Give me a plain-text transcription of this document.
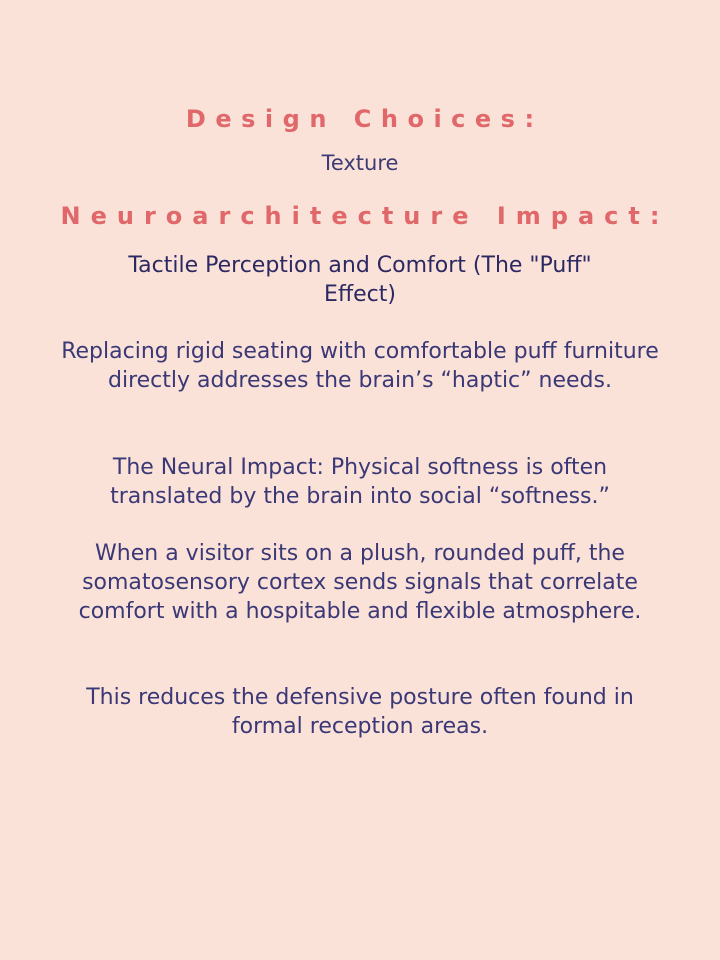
Design Choices:
Texture
Neuroarchitecture Impact:
Tactile Perception and Comfort (The "Puff" Effect)

Replacing rigid seating with comfortable puff furniture directly addresses the brain’s “haptic” needs.

The Neural Impact: Physical softness is often translated by the brain into social “softness.”

When a visitor sits on a plush, rounded puff, the somatosensory cortex sends signals that correlate comfort with a hospitable and flexible atmosphere.

This reduces the defensive posture often found in formal reception areas.
